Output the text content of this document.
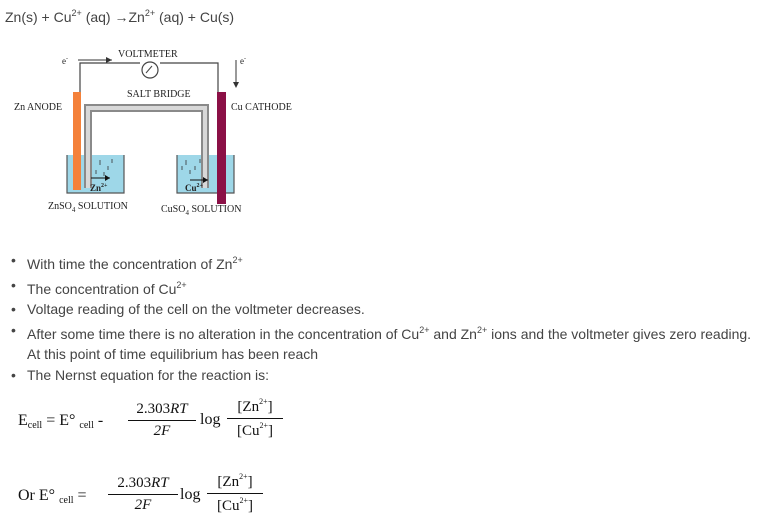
$Zn(s) + Cu^{2+}$ $(aq) \to Zn^{2+}$ (aq) + Cu(s)
VOLTMETER
e-	e-
SALT BRIDGE
$Zn^{2+}$	$Cu^{2+}$
Zn ANODE	Cu CATHODE
ZnSO$_4$ SOLUTION	CuSO$_4$ SOLUTION
• With time the concentration of $Zn^{2+}$
• The concentration of $Cu^{2+}$
• Voltage reading of the cell on the voltmeter decreases.
• After some time there is no alteration in the concentration of $Cu^{2+}$ and $Zn^{2+}$ ions and the voltmeter gives zero reading. At this point of time equilibrium has been reach
• The Nernst equation for the reaction is:
$E_{cell} = E^\circ$ $_{cell}$ -
2.303RT
2F
log
$[Zn^{2+}]$
$[Cu^{2+}]$
Or E° $_{cell}$ =
2.303RT
2F
log
$[Zn^{2+}]$
$[Cu^{2+}]$
